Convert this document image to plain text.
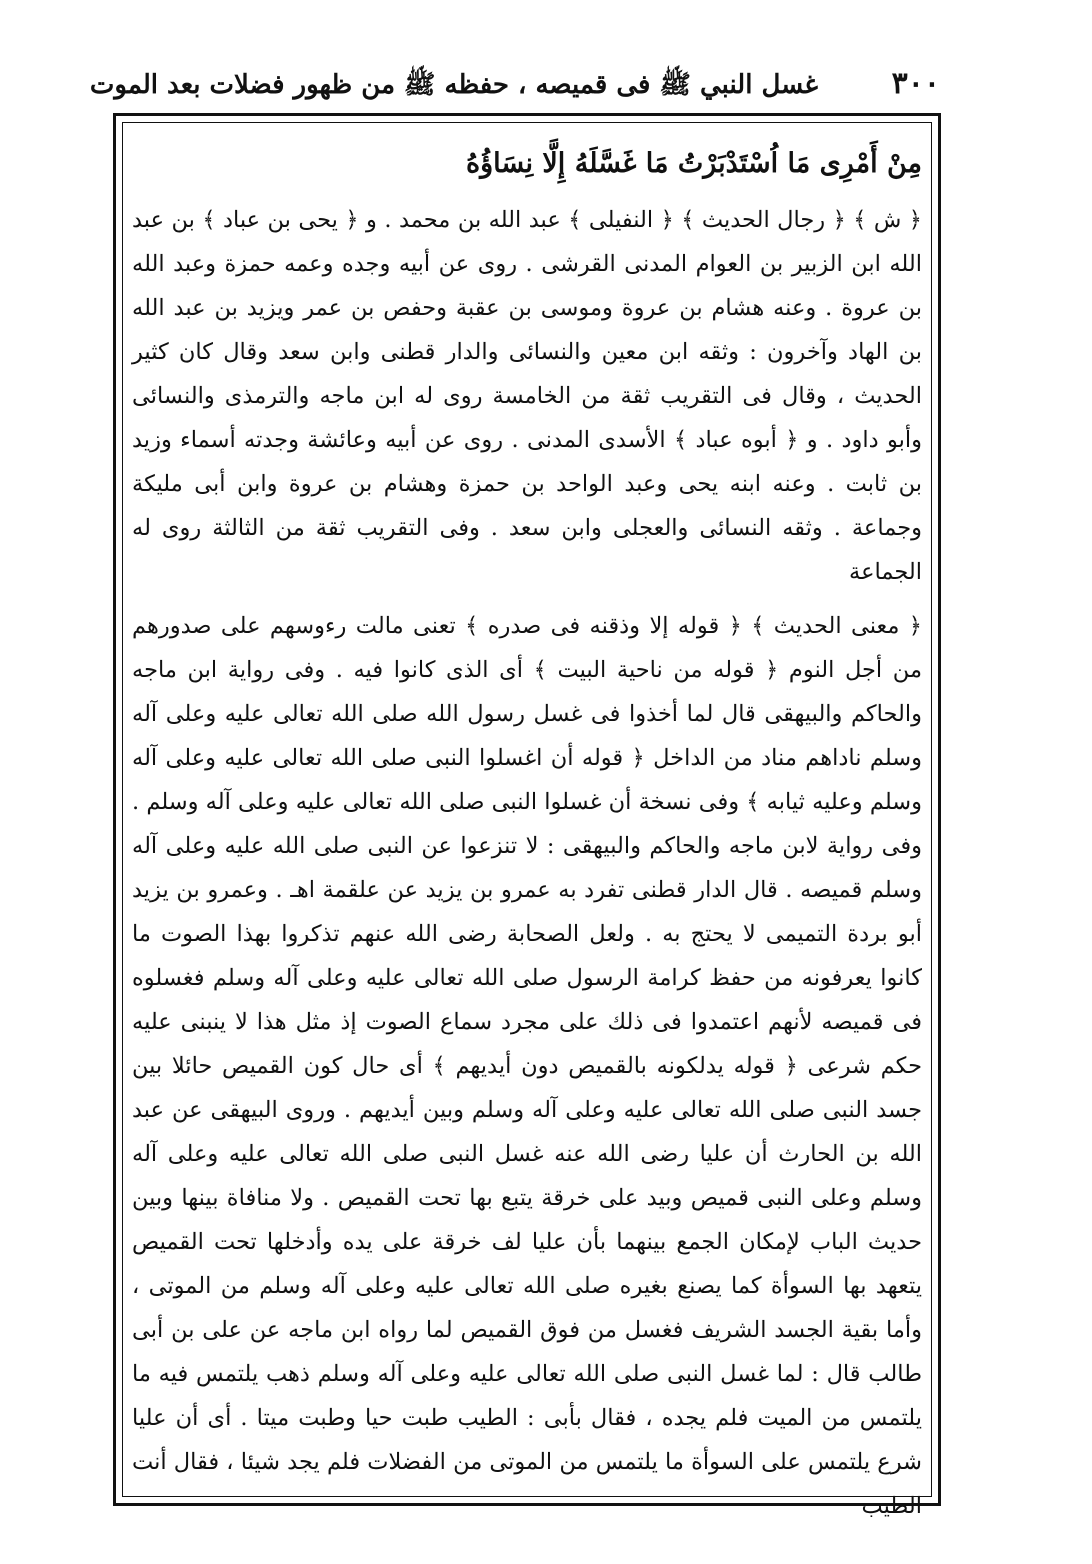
٣٠٠
غسل النبي ﷺ فى قميصه ، حفظه ﷺ من ظهور فضلات بعد الموت

مِنْ أَمْرِى مَا اُسْتَدْبَرْتُ مَا غَسَّلَهُ إِلَّا نِسَاؤُهُ

﴿ ش ﴾ ﴿ رجال الحديث ﴾ ﴿ النفيلى ﴾ عبد الله بن محمد . و ﴿ يحى بن عباد ﴾ بن عبد الله ابن الزبير بن العوام المدنى القرشى . روى عن أبيه وجده وعمه حمزة وعبد الله بن عروة . وعنه هشام بن عروة وموسى بن عقبة وحفص بن عمر ويزيد بن عبد الله بن الهاد وآخرون : وثقه ابن معين والنسائى والدار قطنى وابن سعد وقال كان كثير الحديث ، وقال فى التقريب ثقة من الخامسة روى له ابن ماجه والترمذى والنسائى وأبو داود . و ﴿ أبوه عباد ﴾ الأسدى المدنى . روى عن أبيه وعائشة وجدته أسماء وزيد بن ثابت . وعنه ابنه يحى وعبد الواحد بن حمزة وهشام بن عروة وابن أبى مليكة وجماعة . وثقه النسائى والعجلى وابن سعد . وفى التقريب ثقة من الثالثة روى له الجماعة

﴿ معنى الحديث ﴾ ﴿ قوله إلا وذقنه فى صدره ﴾ تعنى مالت رءوسهم على صدورهم من أجل النوم ﴿ قوله من ناحية البيت ﴾ أى الذى كانوا فيه . وفى رواية ابن ماجه والحاكم والبيهقى قال لما أخذوا فى غسل رسول الله صلى الله تعالى عليه وعلى آله وسلم ناداهم مناد من الداخل ﴿ قوله أن اغسلوا النبى صلى الله تعالى عليه وعلى آله وسلم وعليه ثيابه ﴾ وفى نسخة أن غسلوا النبى صلى الله تعالى عليه وعلى آله وسلم . وفى رواية لابن ماجه والحاكم والبيهقى : لا تنزعوا عن النبى صلى الله عليه وعلى آله وسلم قميصه . قال الدار قطنى تفرد به عمرو بن يزيد عن علقمة اهـ . وعمرو بن يزيد أبو بردة التميمى لا يحتج به . ولعل الصحابة رضى الله عنهم تذكروا بهذا الصوت ما كانوا يعرفونه من حفظ كرامة الرسول صلى الله تعالى عليه وعلى آله وسلم فغسلوه فى قميصه لأنهم اعتمدوا فى ذلك على مجرد سماع الصوت إذ مثل هذا لا ينبنى عليه حكم شرعى ﴿ قوله يدلكونه بالقميص دون أيديهم ﴾ أى حال كون القميص حائلا بين جسد النبى صلى الله تعالى عليه وعلى آله وسلم وبين أيديهم . وروى البيهقى عن عبد الله بن الحارث أن عليا رضى الله عنه غسل النبى صلى الله تعالى عليه وعلى آله وسلم وعلى النبى قميص وبيد على خرقة يتبع بها تحت القميص . ولا منافاة بينها وبين حديث الباب لإمكان الجمع بينهما بأن عليا لف خرقة على يده وأدخلها تحت القميص يتعهد بها السوأة كما يصنع بغيره صلى الله تعالى عليه وعلى آله وسلم من الموتى ، وأما بقية الجسد الشريف فغسل من فوق القميص لما رواه ابن ماجه عن على بن أبى طالب قال : لما غسل النبى صلى الله تعالى عليه وعلى آله وسلم ذهب يلتمس فيه ما يلتمس من الميت فلم يجده ، فقال بأبى : الطيب طبت حيا وطبت ميتا . أى أن عليا شرع يلتمس على السوأة ما يلتمس من الموتى من الفضلات فلم يجد شيئا ، فقال أنت الطيب
